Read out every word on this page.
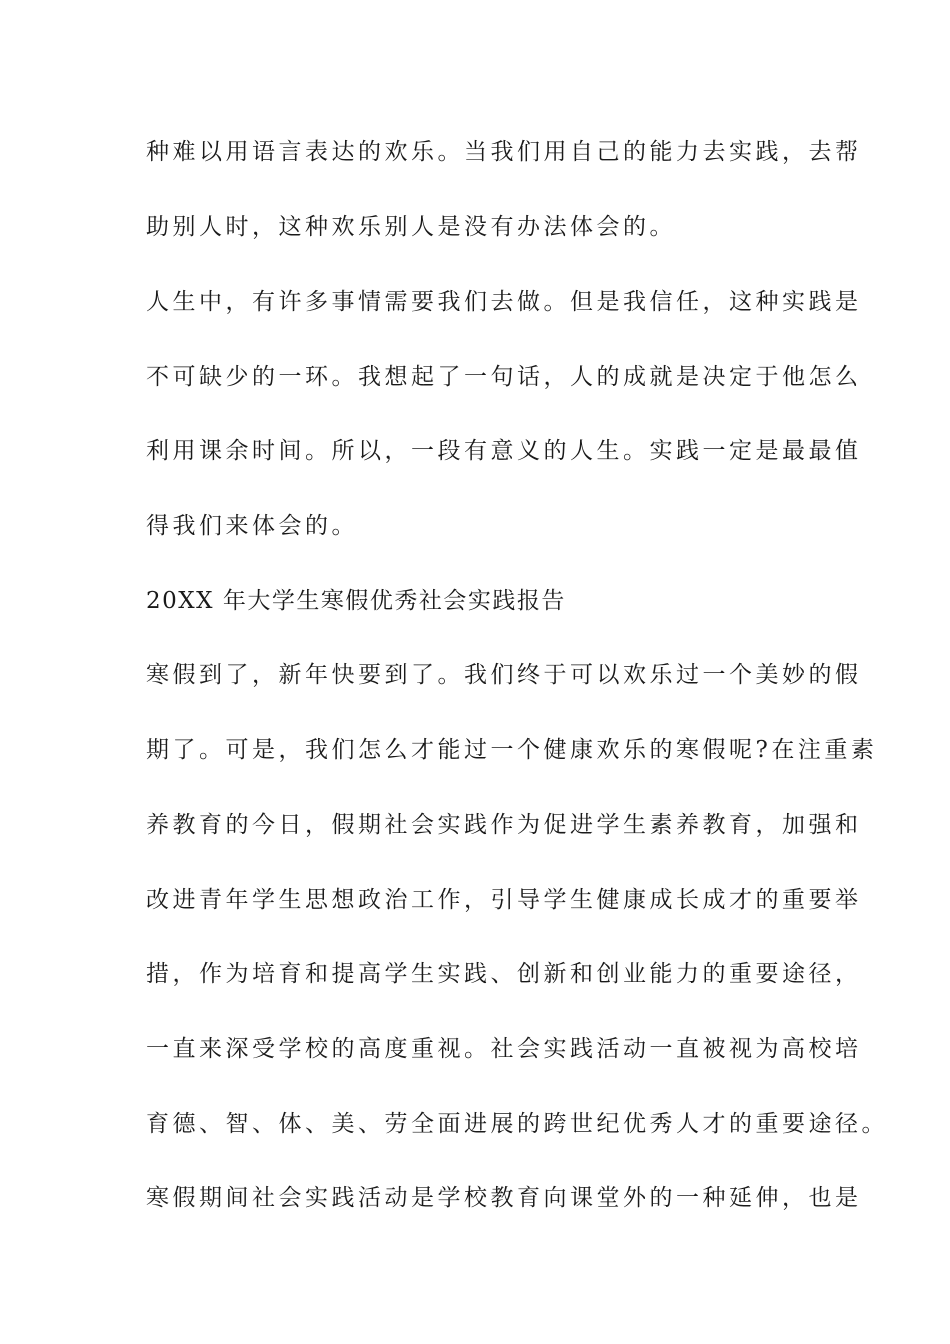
种难以用语言表达的欢乐。当我们用自己的能力去实践，去帮
助别人时，这种欢乐别人是没有办法体会的。
人生中，有许多事情需要我们去做。但是我信任，这种实践是
不可缺少的一环。我想起了一句话，人的成就是决定于他怎么
利用课余时间。所以，一段有意义的人生。实践一定是最最值
得我们来体会的。
20XX 年大学生寒假优秀社会实践报告
寒假到了，新年快要到了。我们终于可以欢乐过一个美妙的假
期了。可是，我们怎么才能过一个健康欢乐的寒假呢?在注重素
养教育的今日，假期社会实践作为促进学生素养教育，加强和
改进青年学生思想政治工作，引导学生健康成长成才的重要举
措，作为培育和提高学生实践、创新和创业能力的重要途径，
一直来深受学校的高度重视。社会实践活动一直被视为高校培
育德、智、体、美、劳全面进展的跨世纪优秀人才的重要途径。
寒假期间社会实践活动是学校教育向课堂外的一种延伸，也是
